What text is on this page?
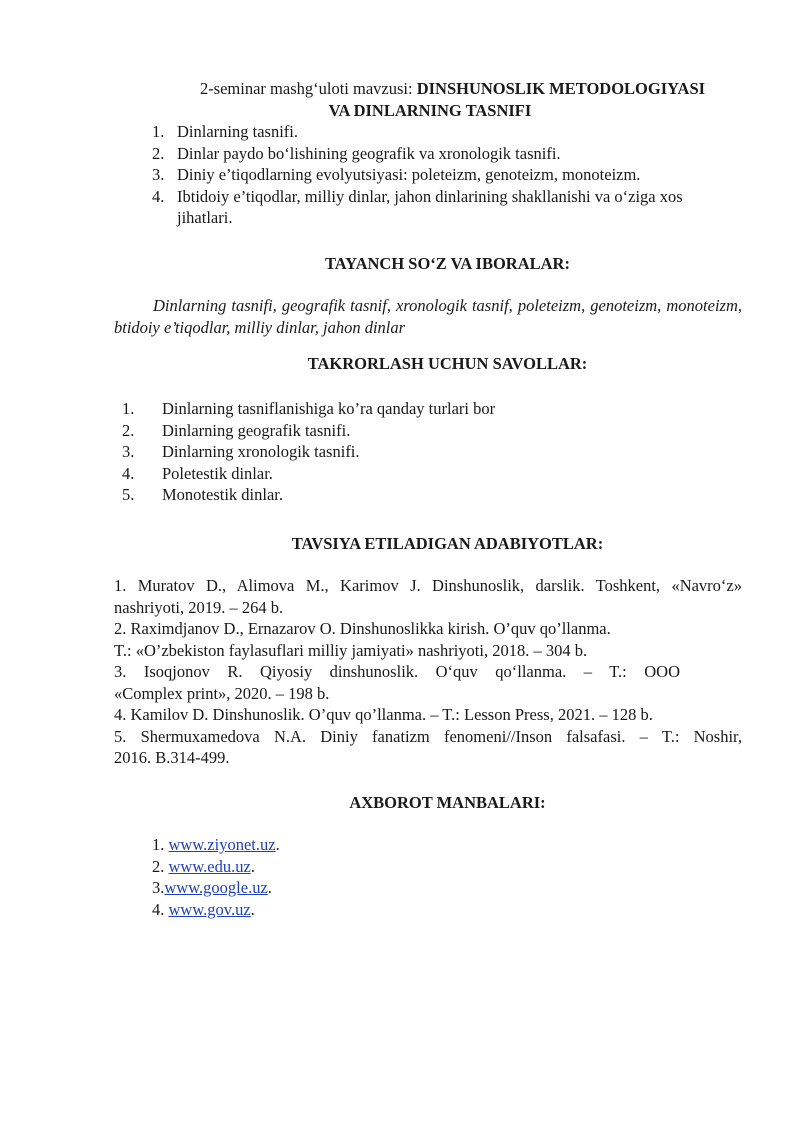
2-seminar mashg‘uloti mavzusi: DINSHUNOSLIK METODOLOGIYASI
VA DINLARNING TASNIFI
1. Dinlarning tasnifi.
2. Dinlar paydo bo‘lishining geografik va xronologik tasnifi.
3. Diniy e’tiqodlarning evolyutsiyasi: poleteizm, genoteizm, monoteizm.
4. Ibtidoiy e’tiqodlar, milliy dinlar, jahon dinlarining shakllanishi va o‘ziga xos jihatlari.
TAYANCH SO‘Z VA IBORALAR:
Dinlarning tasnifi, geografik tasnif, xronologik tasnif, poleteizm, genoteizm, monoteizm, btidoiy e’tiqodlar, milliy dinlar, jahon dinlar
TAKRORLASH UCHUN SAVOLLAR:
1. Dinlarning tasniflanishiga ko’ra qanday turlari bor
2. Dinlarning geografik tasnifi.
3. Dinlarning xronologik tasnifi.
4. Poletestik dinlar.
5. Monotestik dinlar.
TAVSIYA ETILADIGAN ADABIYOTLAR:
1. Muratov D., Alimova M., Karimov J. Dinshunoslik, darslik. Toshkent, «Navro‘z» nashriyoti, 2019. – 264 b.
2. Raximdjanov D., Ernazarov O. Dinshunoslikka kirish. O’quv qo’llanma.
T.: «O’zbekiston faylasuflari milliy jamiyati» nashriyoti, 2018. – 304 b.
3. Isoqjonov R. Qiyosiy dinshunoslik. O‘quv qo‘llanma. – T.: OOO
«Complex print», 2020. – 198 b.
4. Kamilov D. Dinshunoslik. O’quv qo’llanma. – T.: Lesson Press, 2021. – 128 b.
5. Shermuxamedova N.A. Diniy fanatizm fenomeni//Inson falsafasi. – T.: Noshir,
2016. B.314-499.
AXBOROT MANBALARI:
1. www.ziyonet.uz.
2. www.edu.uz.
3.www.google.uz.
4. www.gov.uz.
